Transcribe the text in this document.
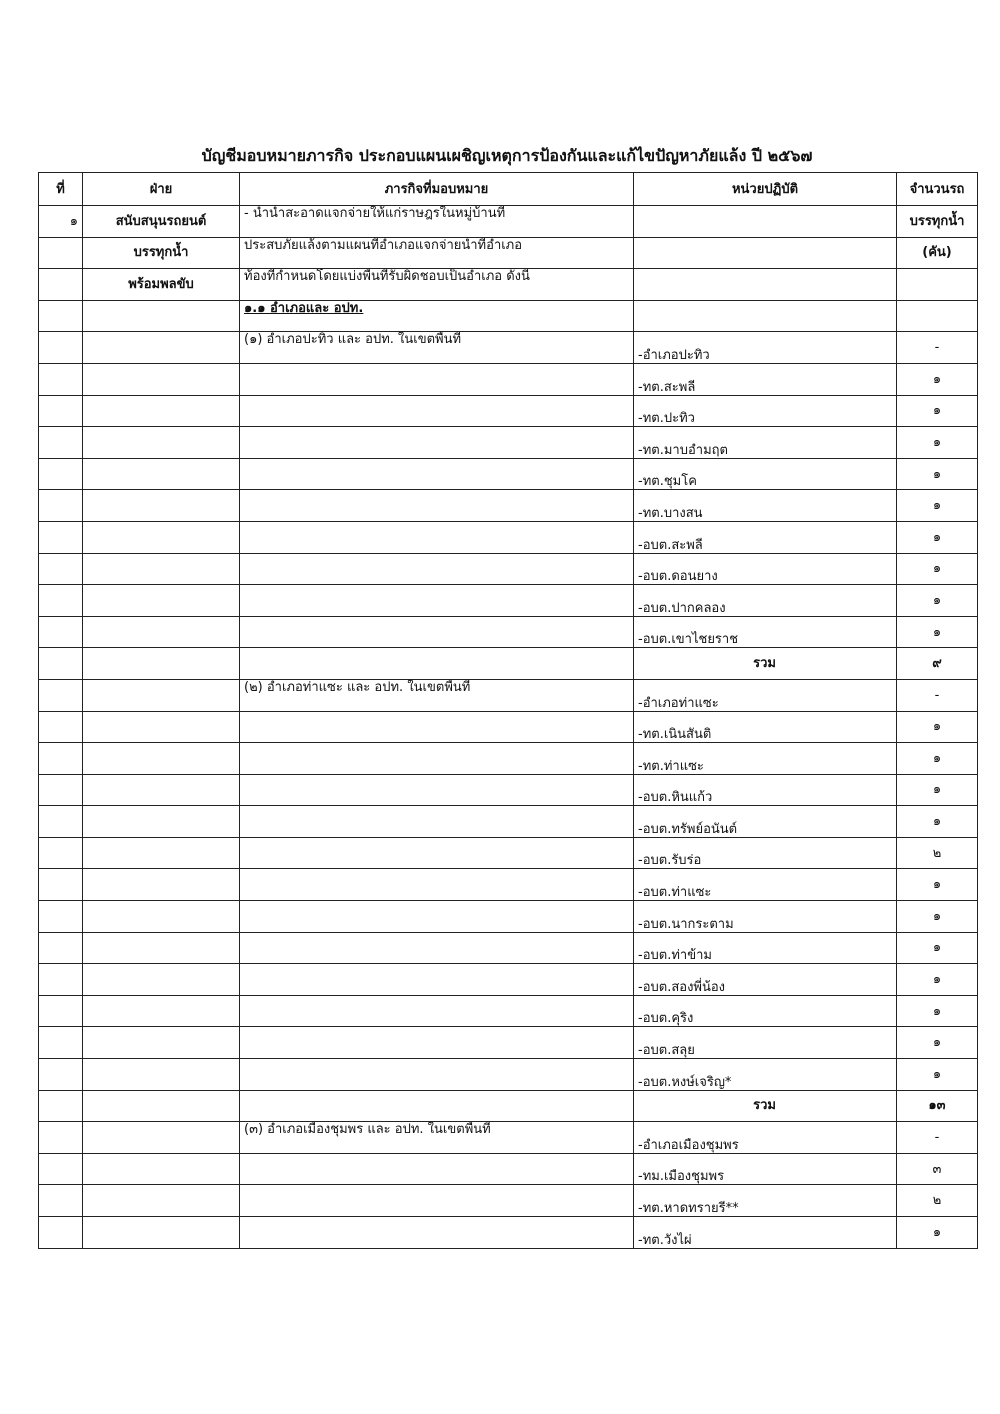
บัญชีมอบหมายภารกิจ ประกอบแผนเผชิญเหตุการป้องกันและแก้ไขปัญหาภัยแล้ง ปี ๒๕๖๗
ที่	ฝ่าย	ภารกิจที่มอบหมาย	หน่วยปฏิบัติ	จำนวนรถ
๑	สนับสนุนรถยนต์	- นำน้ำสะอาดแจกจ่ายให้แก่ราษฎรในหมู่บ้านที่		บรรทุกน้ำ
	บรรทุกน้ำ	ประสบภัยแล้งตามแผนที่อำเภอแจกจ่ายน้ำที่อำเภอ		(คัน)
	พร้อมพลขับ	ท้องที่กำหนดโดยแบ่งพื้นที่รับผิดชอบเป็นอำเภอ ดังนี้		
		๑.๑ อำเภอและ อปท.		
		(๑) อำเภอปะทิว และ อปท. ในเขตพื้นที่	-อำเภอปะทิว	-
			-ทต.สะพลี	๑
			-ทต.ปะทิว	๑
			-ทต.มาบอำมฤต	๑
			-ทต.ชุมโค	๑
			-ทต.บางสน	๑
			-อบต.สะพลี	๑
			-อบต.ดอนยาง	๑
			-อบต.ปากคลอง	๑
			-อบต.เขาไชยราช	๑
			รวม	๙
		(๒) อำเภอท่าแซะ และ อปท. ในเขตพื้นที่	-อำเภอท่าแซะ	-
			-ทต.เนินสันติ	๑
			-ทต.ท่าแซะ	๑
			-อบต.หินแก้ว	๑
			-อบต.ทรัพย์อนันต์	๑
			-อบต.รับร่อ	๒
			-อบต.ท่าแซะ	๑
			-อบต.นากระตาม	๑
			-อบต.ท่าข้าม	๑
			-อบต.สองพี่น้อง	๑
			-อบต.คุริง	๑
			-อบต.สลุย	๑
			-อบต.หงษ์เจริญ*	๑
			รวม	๑๓
		(๓) อำเภอเมืองชุมพร และ อปท. ในเขตพื้นที่	-อำเภอเมืองชุมพร	-
			-ทม.เมืองชุมพร	๓
			-ทต.หาดทรายรี**	๒
			-ทต.วังไผ่	๑
